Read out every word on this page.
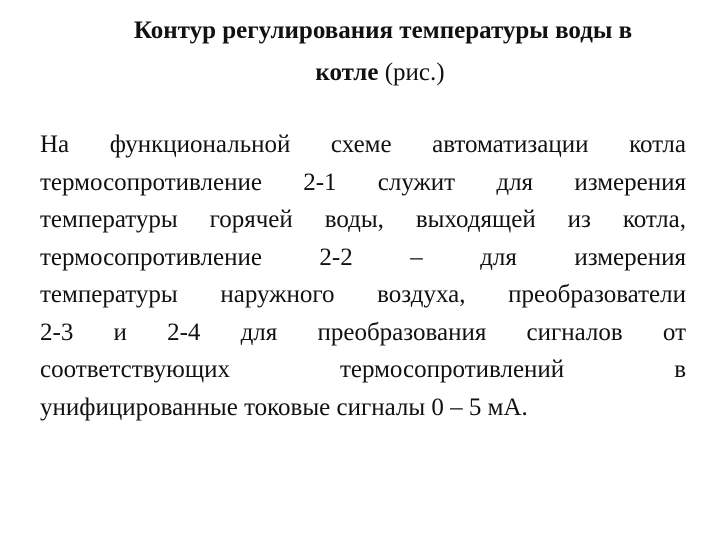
Контур регулирования температуры воды в
котле (рис.)

На функциональной схеме автоматизации котла
термосопротивление 2-1 служит для измерения
температуры горячей воды, выходящей из котла,
термосопротивление 2-2 – для измерения
температуры наружного воздуха, преобразователи
2-3 и 2-4 для преобразования сигналов от
соответствующих термосопротивлений в
унифицированные токовые сигналы 0 – 5 мА.
